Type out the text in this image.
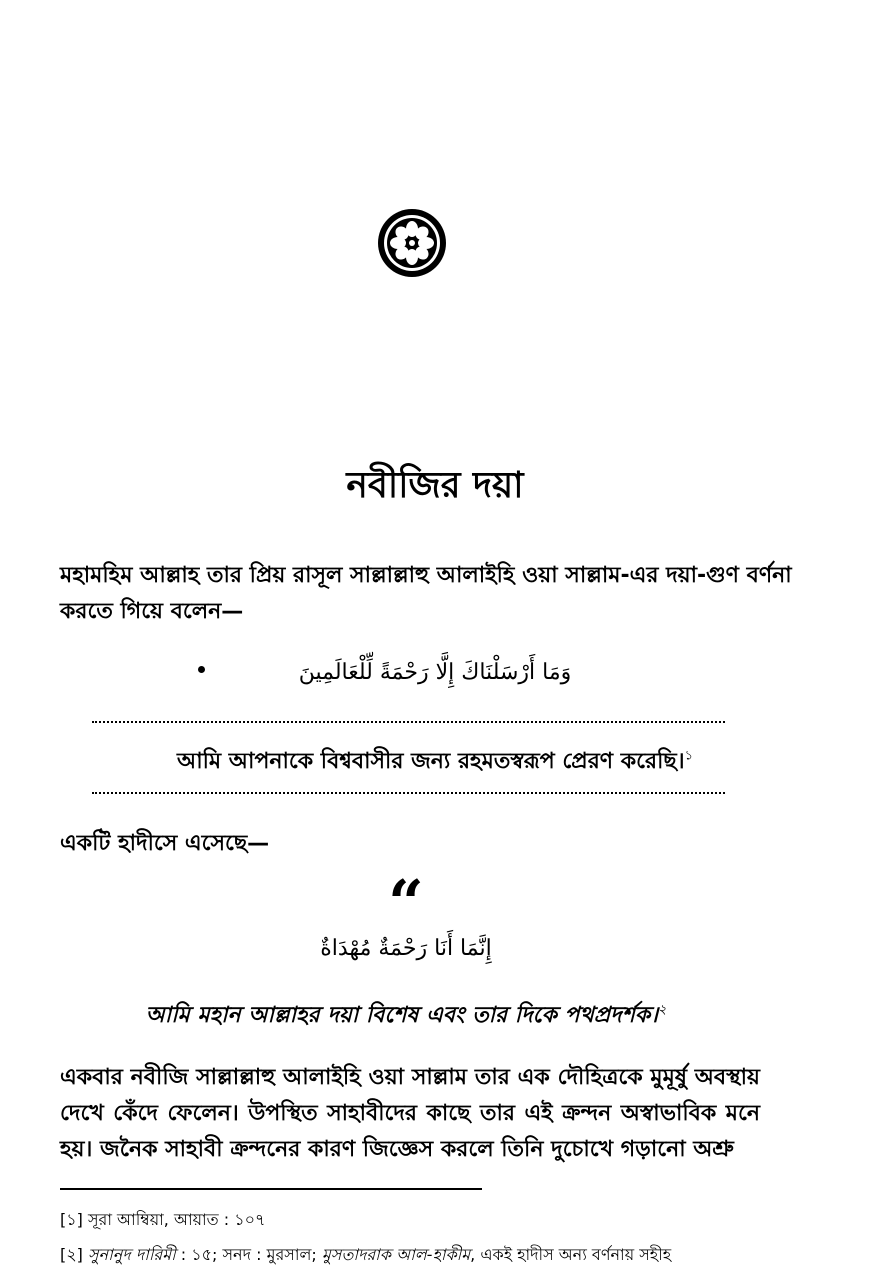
নবীজির দয়া
মহামহিম আল্লাহ তার প্রিয় রাসূল সাল্লাল্লাহু আলাইহি ওয়া সাল্লাম-এর দয়া-গুণ বর্ণনা করতে গিয়ে বলেন—
وَمَا أَرْسَلْنَاكَ إِلَّا رَحْمَةً لِّلْعَالَمِينَ
আমি আপনাকে বিশ্ববাসীর জন্য রহমতস্বরূপ প্রেরণ করেছি।$^১$
একটি হাদীসে এসেছে—
“
إِنَّمَا أَنَا رَحْمَةٌ مُهْدَاةٌ
আমি মহান আল্লাহর দয়া বিশেষ এবং তার দিকে পথপ্রদর্শক।$^২$
একবার নবীজি সাল্লাল্লাহু আলাইহি ওয়া সাল্লাম তার এক দৌহিত্রকে মুমূর্ষু অবস্থায় দেখে কেঁদে ফেলেন। উপস্থিত সাহাবীদের কাছে তার এই ক্রন্দন অস্বাভাবিক মনে হয়। জনৈক সাহাবী ক্রন্দনের কারণ জিজ্ঞেস করলে তিনি দুচোখে গড়ানো অশ্রু
[১] সূরা আম্বিয়া, আয়াত : ১০৭
[২] সুনানুদ দারিমী : ১৫; সনদ : মুরসাল; মুসতাদরাক আল-হাকীম, একই হাদীস অন্য বর্ণনায় সহীহ
